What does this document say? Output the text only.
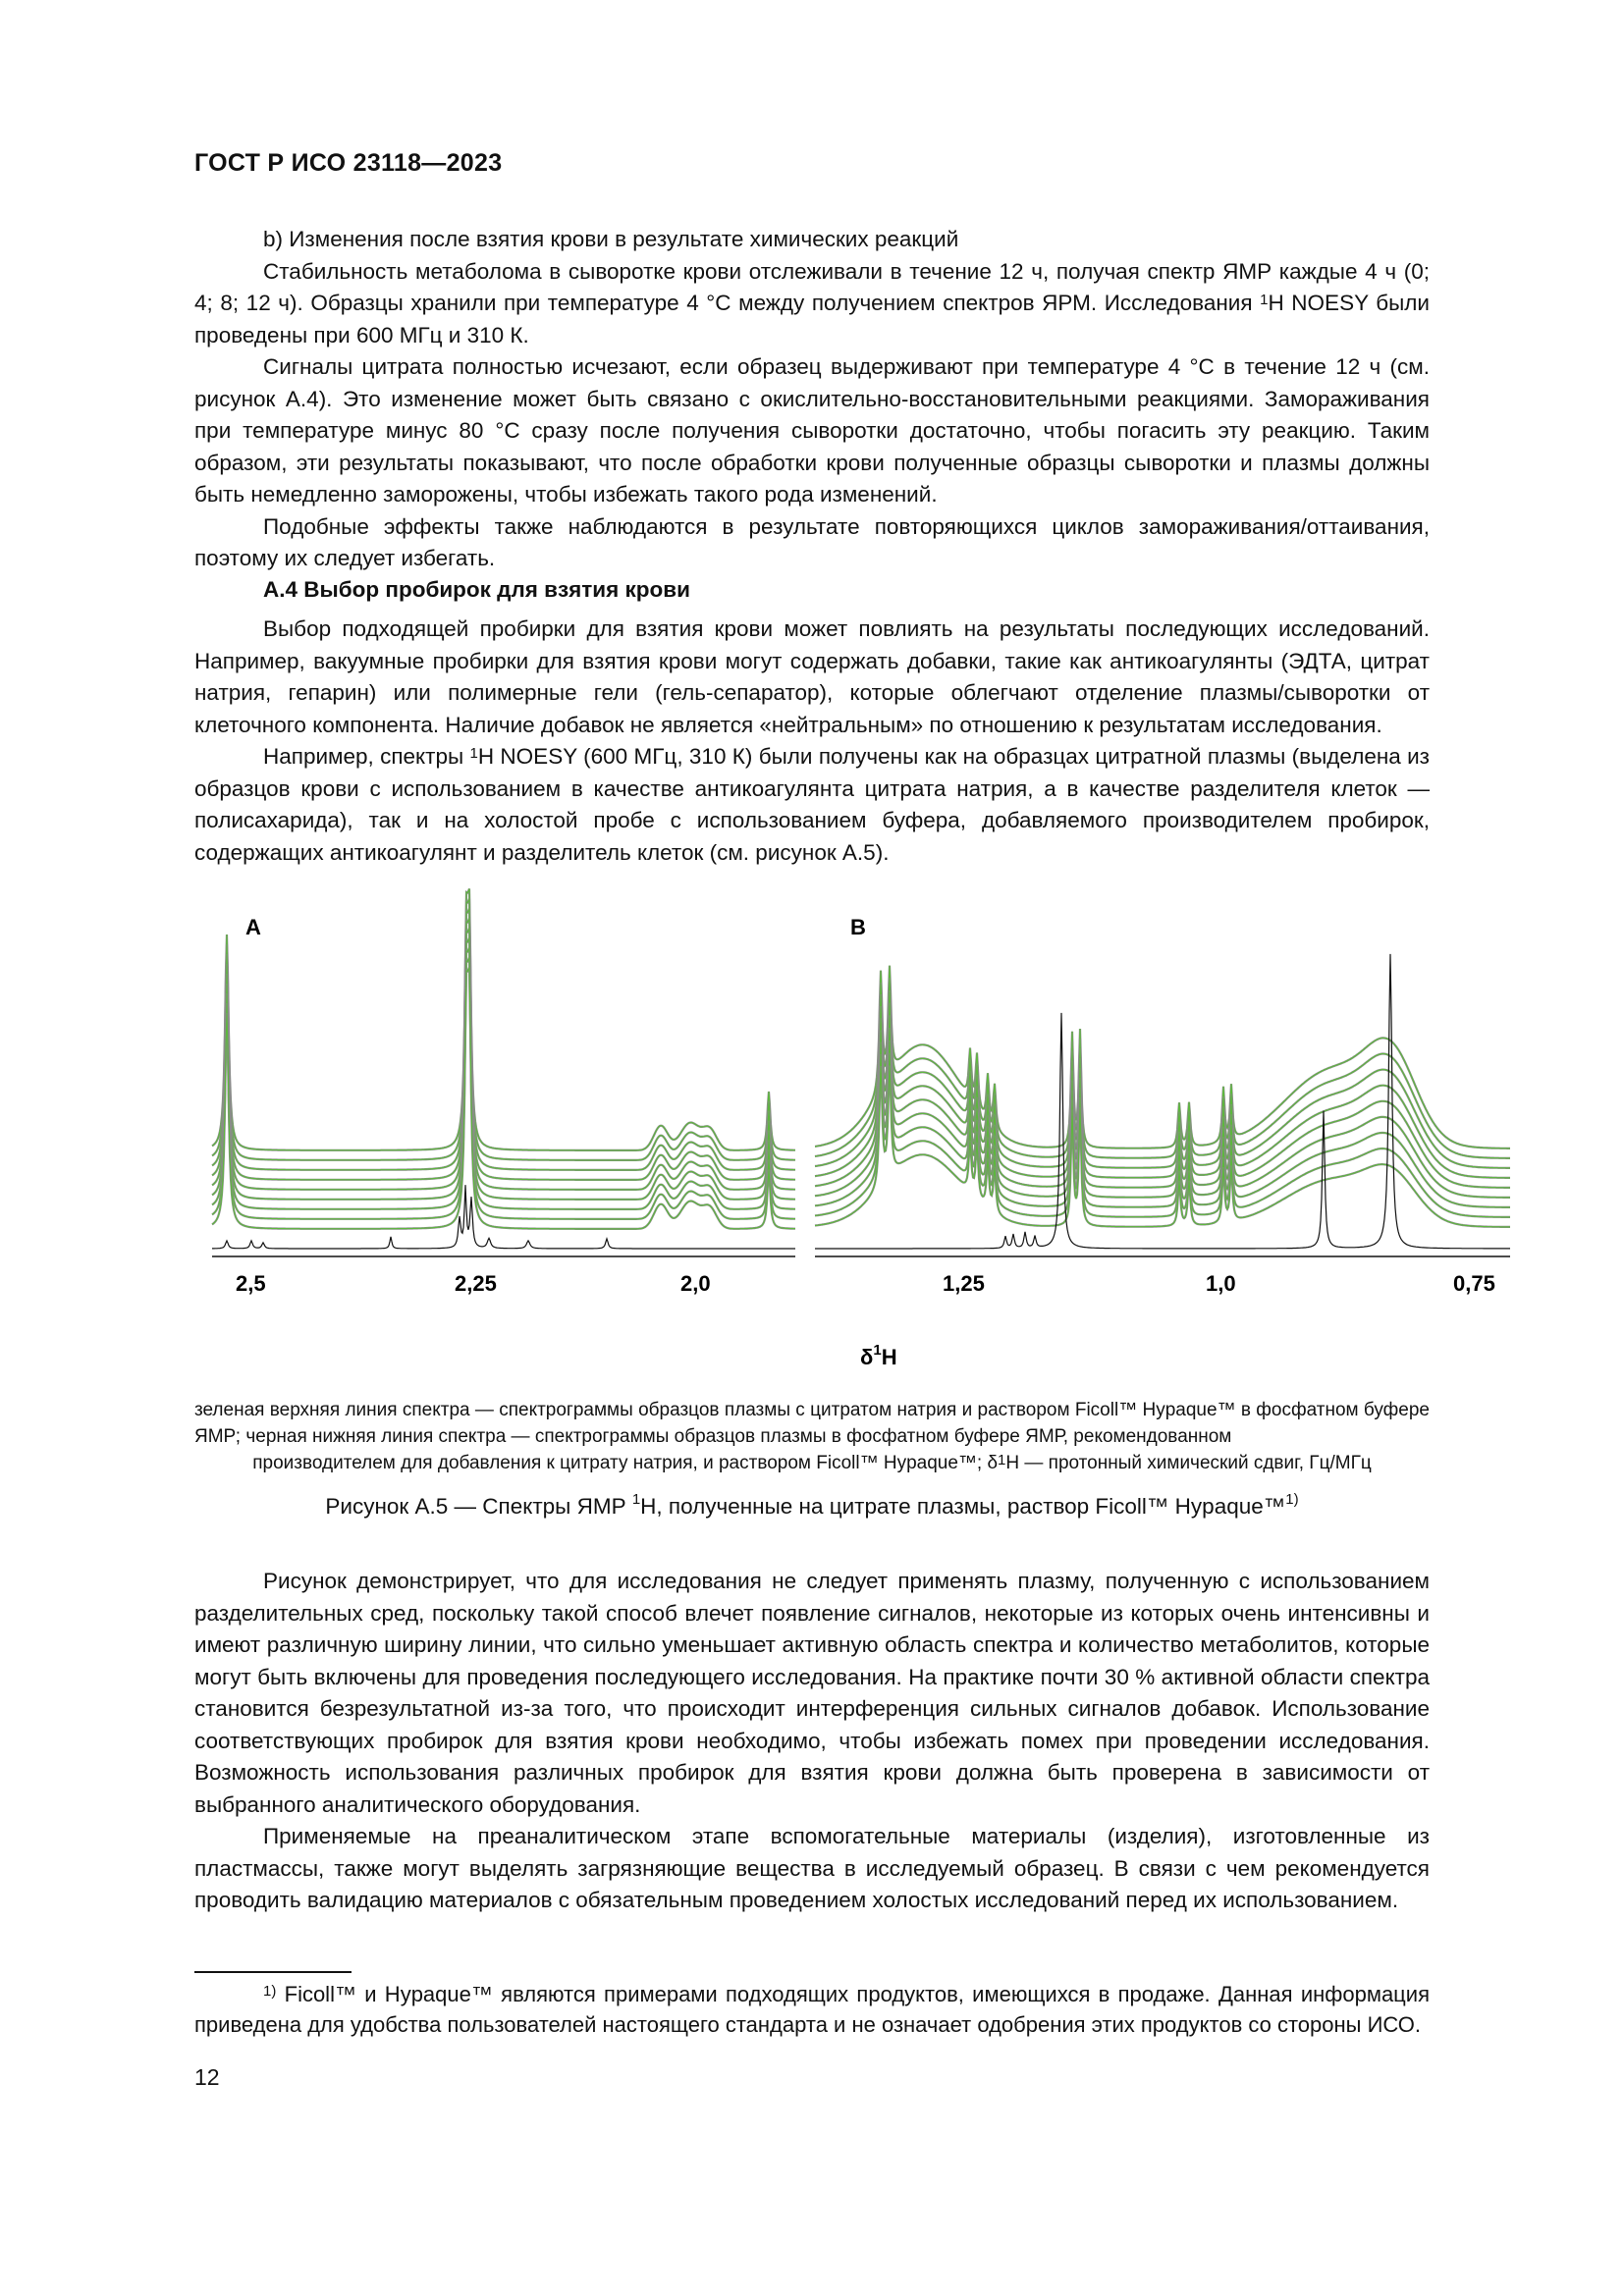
ГОСТ Р ИСО 23118—2023

b) Изменения после взятия крови в результате химических реакций

Стабильность метаболома в сыворотке крови отслеживали в течение 12 ч, получая спектр ЯМР каждые 4 ч (0; 4; 8; 12 ч). Образцы хранили при температуре 4 °С между получением спектров ЯРМ. Исследования $^1$Н NOESY были проведены при 600 МГц и 310 К.

Сигналы цитрата полностью исчезают, если образец выдерживают при температуре 4 °С в течение 12 ч (см. рисунок А.4). Это изменение может быть связано с окислительно-восстановительными реакциями. Замораживания при температуре минус 80 °С сразу после получения сыворотки достаточно, чтобы погасить эту реакцию. Таким образом, эти результаты показывают, что после обработки крови полученные образцы сыворотки и плазмы должны быть немедленно заморожены, чтобы избежать такого рода изменений.

Подобные эффекты также наблюдаются в результате повторяющихся циклов замораживания/оттаивания, поэтому их следует избегать.

А.4 Выбор пробирок для взятия крови

Выбор подходящей пробирки для взятия крови может повлиять на результаты последующих исследований. Например, вакуумные пробирки для взятия крови могут содержать добавки, такие как антикоагулянты (ЭДТА, цитрат натрия, гепарин) или полимерные гели (гель-сепаратор), которые облегчают отделение плазмы/сыворотки от клеточного компонента. Наличие добавок не является «нейтральным» по отношению к результатам исследования.

Например, спектры $^1$Н NOESY (600 МГц, 310 К) были получены как на образцах цитратной плазмы (выделена из образцов крови с использованием в качестве антикоагулянта цитрата натрия, а в качестве разделителя клеток — полисахарида), так и на холостой пробе с использованием буфера, добавляемого производителем пробирок, содержащих антикоагулянт и разделитель клеток (см. рисунок А.5).

A	B
2,5	2,25	2,0	1,25	1,0	0,75
$\delta^1H$
зеленая верхняя линия спектра — спектрограммы образцов плазмы с цитратом натрия и раствором Ficoll™ Hypaque™ в фосфатном буфере ЯМР; черная нижняя линия спектра — спектрограммы образцов плазмы в фосфатном буфере ЯМР, рекомендованном
производителем для добавления к цитрату натрия, и раствором Ficoll™ Hypaque™; $\delta^1Н$ — протонный химический сдвиг, Гц/МГц
Рисунок А.5 — Спектры ЯМР $^1$Н, полученные на цитрате плазмы, раствор Ficoll™ Hypaque™$^{1)}$

Рисунок демонстрирует, что для исследования не следует применять плазму, полученную с использованием разделительных сред, поскольку такой способ влечет появление сигналов, некоторые из которых очень интенсивны и имеют различную ширину линии, что сильно уменьшает активную область спектра и количество метаболитов, которые могут быть включены для проведения последующего исследования. На практике почти 30 % активной области спектра становится безрезультатной из-за того, что происходит интерференция сильных сигналов добавок. Использование соответствующих пробирок для взятия крови необходимо, чтобы избежать помех при проведении исследования. Возможность использования различных пробирок для взятия крови должна быть проверена в зависимости от выбранного аналитического оборудования.

Применяемые на преаналитическом этапе вспомогательные материалы (изделия), изготовленные из пластмассы, также могут выделять загрязняющие вещества в исследуемый образец. В связи с чем рекомендуется проводить валидацию материалов с обязательным проведением холостых исследований перед их использованием.

$^{1)}$ Ficoll™ и Hypaque™ являются примерами подходящих продуктов, имеющихся в продаже. Данная информация приведена для удобства пользователей настоящего стандарта и не означает одобрения этих продуктов со стороны ИСО.
12
